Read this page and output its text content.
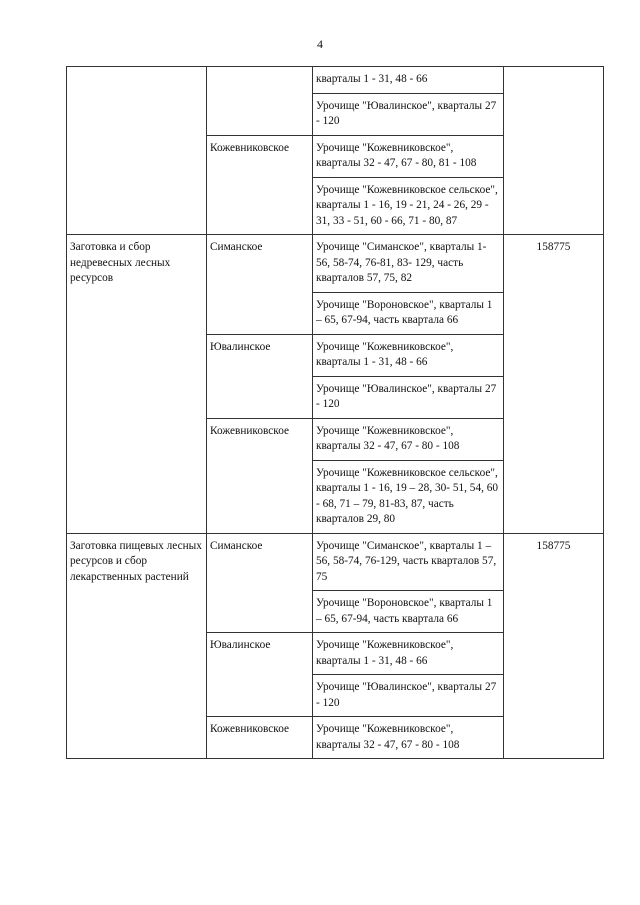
4
		кварталы 1 - 31, 48 - 66	
		Урочище "Ювалинское", кварталы 27 - 120	
	Кожевниковское	Урочище "Кожевниковское", кварталы 32 - 47, 67 - 80, 81 - 108	
		Урочище "Кожевниковское сельское", кварталы 1 - 16, 19 - 21, 24 - 26, 29 - 31, 33 - 51, 60 - 66, 71 - 80, 87	
Заготовка и сбор недревесных лесных ресурсов	Симанское	Урочище "Симанское", кварталы 1-56, 58-74, 76-81, 83- 129, часть кварталов 57, 75, 82	158775
		Урочище "Вороновское", кварталы 1 – 65, 67-94, часть квартала 66	
	Ювалинское	Урочище "Кожевниковское", кварталы 1 - 31, 48 - 66	
		Урочище "Ювалинское", кварталы 27 - 120	
	Кожевниковское	Урочище "Кожевниковское", кварталы 32 - 47, 67 - 80 - 108	
		Урочище "Кожевниковское сельское", кварталы 1 - 16, 19 – 28, 30- 51, 54, 60 - 68, 71 – 79, 81-83, 87, часть кварталов 29, 80	
Заготовка пищевых лесных ресурсов и сбор лекарственных растений	Симанское	Урочище "Симанское", кварталы 1 – 56, 58-74, 76-129, часть кварталов 57, 75	158775
		Урочище "Вороновское", кварталы 1 – 65, 67-94, часть квартала 66	
	Ювалинское	Урочище "Кожевниковское", кварталы 1 - 31, 48 - 66	
		Урочище "Ювалинское", кварталы 27 - 120	
	Кожевниковское	Урочище "Кожевниковское", кварталы 32 - 47, 67 - 80 - 108	
